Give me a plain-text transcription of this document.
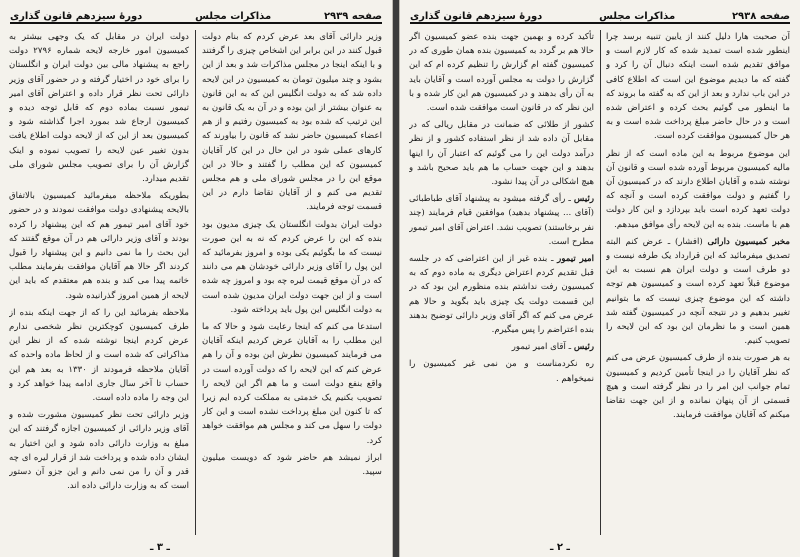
صفحه ۲۹۳۹
مذاکرات مجلس
دورهٔ سیزدهم قانون گذاری

وزیر دارائی آقای بعد عرض کردم که بنام دولت قبول کنند در این برابر این اشخاص چیزی را گرفتند و با اینکه اینجا در مجلس مذاکرات شد و بعد از این بشود و چند میلیون تومان به کمیسیون در این لایحه داده شد که به دولت انگلیس این که به این قانون به عنوان بیشتر از این بوده و در آن به یک قانون به این ترتیب که شده بود به کمیسیون رفتیم و از هم اعضاء کمیسیون حاضر نشد که قانون را بیاورند که کارهای عملی شود در این حال در این کار آقایان کمیسیون که این مطلب را گفتند و حالا در این موقع این را در مجلس شورای ملی و هم مجلس تقدیم می کنم و از آقایان تقاضا دارم در این قسمت توجه فرمایند.

دولت ایران بدولت انگلستان یک چیزی مدیون بود بنده که این را عرض کردم که نه به این صورت نیست که ما بگوئیم یکی بوده و امروز بفرمائید که این پول را آقای وزیر دارائی خودشان هم می دانند که در آن موقع قیمت لیره چه بود و امروز چه شده است و از این جهت دولت ایران مدیون شده است به دولت انگلیس این پول باید پرداخته شود.

استدعا می کنم که اینجا رعایت شود و حالا که ما این مطلب را به آقایان عرض کردیم اینکه آقایان می فرمایند کمیسیون نظرش این بوده و آن را هم عرض کنم که این لایحه را که دولت آورده است در واقع بنفع دولت است و ما هم اگر این لایحه را تصویب بکنیم یک خدمتی به مملکت کرده ایم زیرا که تا کنون این مبلغ پرداخت نشده است و این کار دولت را سهل می کند و مجلس هم موافقت خواهد کرد.

ابراز نمیشد هم حاضر شود که دویست میلیون سپید.

دولت ایران در مقابل که یک وجهی بیشتر به کمیسیون امور خارجه لایحه شماره ۲۷۹۶ دولت راجع به پیشنهاد مالی بین دولت ایران و انگلستان را برای خود در اختیار گرفته و در حضور آقای وزیر دارائی تحت نظر قرار داده و اعتراض آقای امیر تیمور نسبت بماده دوم که قابل توجه دیده و کمیسیون ارجاع شد بمورد اجرا گذاشته شود و کمیسیون بعد از این که از لایحه دولت اطلاع یافت بدون تغییر عین لایحه را تصویب نموده و اینک گزارش آن را برای تصویب مجلس شورای ملی تقدیم میدارد.

بطوریکه ملاحظه میفرمائید کمیسیون بالاتفاق بالایحه پیشنهادی دولت موافقت نمودند و در حضور خود آقای امیر تیمور هم که این پیشنهاد را کرده بودند و آقای وزیر دارائی هم در آن موقع گفتند که این بحث را ما نمی دانیم و این پیشنهاد را قبول کردند اگر حالا هم آقایان موافقت بفرمایند مطلب خاتمه پیدا می کند و بنده هم معتقدم که باید این لایحه از همین امروز گذرانیده شود.

ملاحظه بفرمائید این را که از جهت اینکه بنده از طرف کمیسیون کوچکترین نظر شخصی ندارم عرض کردم اینجا نوشته شده که از نظر این مذاکراتی که شده است و از لحاظ ماده واحده که آقایان ملاحظه فرمودند از ۱۳۳۰ به بعد هم این حساب تا آخر سال جاری ادامه پیدا خواهد کرد و این وجه را ماده داده است.

وزیر دارائی تحت نظر کمیسیون مشورت شده و آقای وزیر دارائی از کمیسیون اجازه گرفتند که این مبلغ به وزارت دارائی داده شود و این اختیار به ایشان داده شده و پرداخت شد از قرار لیره ای چه قدر و آن را من نمی دانم و این جزو آن دستور است که به وزارت دارائی داده اند.

ـ ۳ ـ
صفحه ۲۹۳۸
مذاکرات مجلس
دورهٔ سیزدهم قانون گذاری

آن صحبت هارا دلیل کنند از یایین تنبیه برسد چرا اینطور شده است تمدید شده که کار لازم است و موافق تقدیم شده است اینکه دنبال آن را کرد و گفته که ما دیدیم موضوع این است که اطلاع کافی در این باب ندارد و بعد از این که به گفته ما بروند که ما اینطور می گوئیم بحث کرده و اعتراض شده است و در حال حاضر مبلغ پرداخت شده است و به هر حال کمیسیون موافقت کرده است.

این موضوع مربوط به این ماده است که از نظر مالیه کمیسیون مربوط آورده شده است و قانون آن نوشته شده و آقایان اطلاع دارند که در کمیسیون آن را گفتیم و دولت موافقت کرده است و آنچه که دولت تعهد کرده است باید بپردازد و این کار دولت هم با ماست. بنده به این لایحه رأی موافق میدهم.

مخبر کمیسیون دارائی (افشار) ـ عرض کنم البته تصدیق میفرمائید که این قرارداد یک طرفه نیست و دو طرف است و دولت ایران هم نسبت به این موضوع قبلاً تعهد کرده است و کمیسیون هم توجه داشته که این موضوع چیزی نیست که ما بتوانیم تغییر بدهیم و در نتیجه آنچه در کمیسیون گفته شد همین است و ما نظرمان این بود که این لایحه را تصویب کنیم.

به هر صورت بنده از طرف کمیسیون عرض می کنم که نظر آقایان را در اینجا تأمین کردیم و کمیسیون تمام جوانب این امر را در نظر گرفته است و هیچ قسمتی از آن پنهان نمانده و از این جهت تقاضا میکنم که آقایان موافقت فرمایند.

تأکید کرده و بهمین جهت بنده عضو کمیسیون اگر حالا هم بر گردد به کمیسیون بنده همان طوری که در کمیسیون گفته ام گزارش را تنظیم کرده ام که این گزارش را دولت به مجلس آورده است و آقایان باید به آن رأی بدهند و در کمیسیون هم این کار شده و با این نظر که در قانون است موافقت شده است.

کشور از طلائی که ضمانت در مقابل ریالی که در مقابل آن داده شد از نظر استفاده کشور و از نظر درآمد دولت این را می گوئیم که اعتبار آن را اینها بدهند و این جهت حساب ما هم باید صحیح باشد و هیچ اشکالی در آن پیدا نشود.

رئیس ـ رأی گرفته میشود به پیشنهاد آقای طباطبائی (آقای ... پیشنهاد بدهید) موافقین قیام فرمایند (چند نفر برخاستند) تصویب نشد. اعتراض آقای امیر تیمور مطرح است.

امیر تیمور ـ بنده غیر از این اعتراضی که در جلسه قبل تقدیم کردم اعتراض دیگری به ماده دوم که به کمیسیون رفت نداشتم بنده منظورم این بود که در این قسمت دولت یک چیزی باید بگوید و حالا هم عرض می کنم که اگر آقای وزیر دارائی توضیح بدهند بنده اعتراضم را پس میگیرم.

رئیس ـ آقای امیر تیمور

ره نکردمناست و من نمی غیر کمیسیون را نمیخواهم .

ـ ۲ ـ
